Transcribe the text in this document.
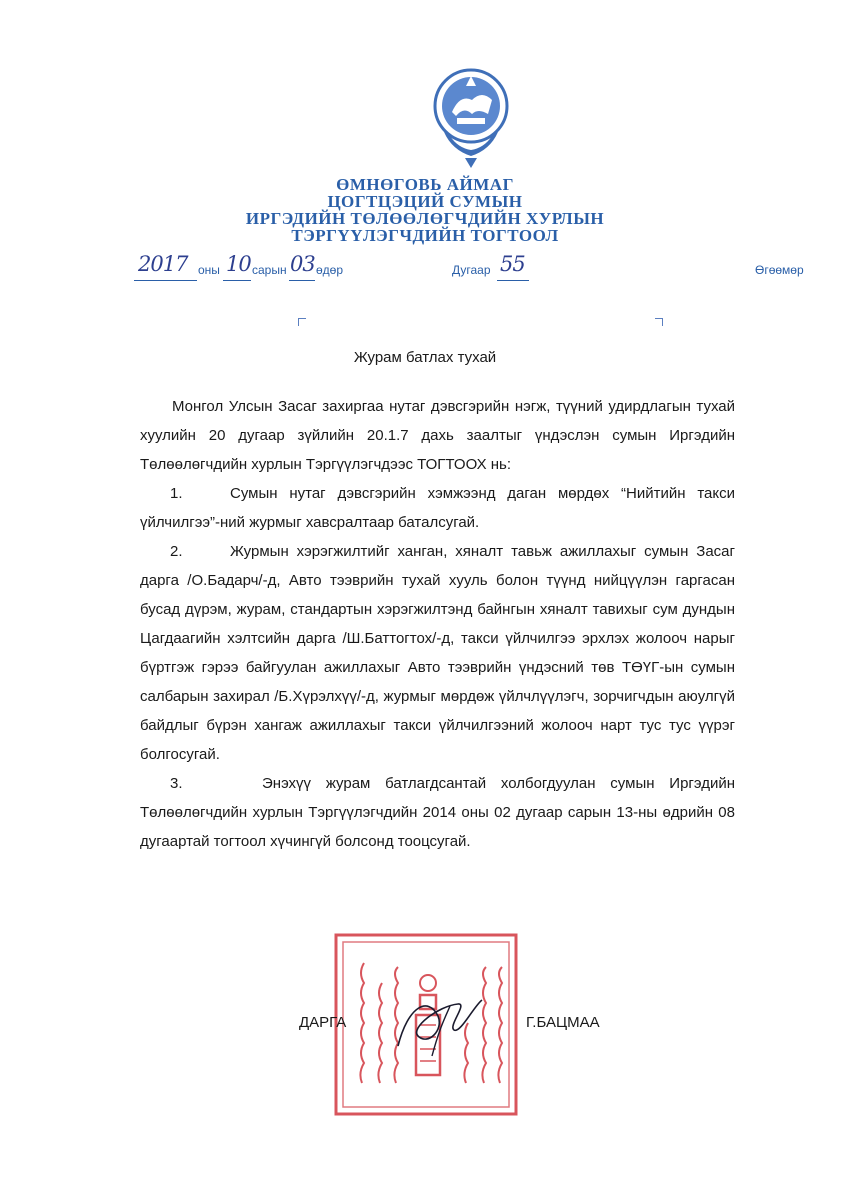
ӨМНӨГОВЬ АЙМАГ
ЦОГТЦЭЦИЙ СУМЫН
ИРГЭДИЙН ТӨЛӨӨЛӨГЧДИЙН ХУРЛЫН
ТЭРГҮҮЛЭГЧДИЙН ТОГТООЛ
2017 оны 10 сарын 03 өдөр	Дугаар 55	Өгөөмөр
Журам батлах тухай

Монгол Улсын Засаг захиргаа нутаг дэвсгэрийн нэгж, түүний удирдлагын тухай хуулийн 20 дугаар зүйлийн 20.1.7 дахь заалтыг үндэслэн сумын Иргэдийн Төлөөлөгчдийн хурлын Тэргүүлэгчдээс ТОГТООХ нь:

1.	Сумын нутаг дэвсгэрийн хэмжээнд даган мөрдөх “Нийтийн такси үйлчилгээ”-ний журмыг хавсралтаар баталсугай.

2.	Журмын хэрэгжилтийг ханган, хяналт тавьж ажиллахыг сумын Засаг дарга /О.Бадарч/-д, Авто тээврийн тухай хууль болон түүнд нийцүүлэн гаргасан бусад дүрэм, журам, стандартын хэрэгжилтэнд байнгын хяналт тавихыг сум дундын Цагдаагийн хэлтсийн дарга /Ш.Баттогтох/-д, такси үйлчилгээ эрхлэх жолооч нарыг бүртгэж гэрээ байгуулан ажиллахыг Авто тээврийн үндэсний төв ТӨҮГ-ын сумын салбарын захирал /Б.Хүрэлхүү/-д, журмыг мөрдөж үйлчлүүлэгч, зорчигчдын аюулгүй байдлыг бүрэн хангаж ажиллахыг такси үйлчилгээний жолооч нарт тус тус үүрэг болгосугай.

3.	Энэхүү журам батлагдсантай холбогдуулан сумын Иргэдийн Төлөөлөгчдийн хурлын Тэргүүлэгчдийн 2014 оны 02 дугаар сарын 13-ны өдрийн 08 дугаартай тогтоол хүчингүй болсонд тооцсугай.

ДАРГА	Г.БАЦМАА
